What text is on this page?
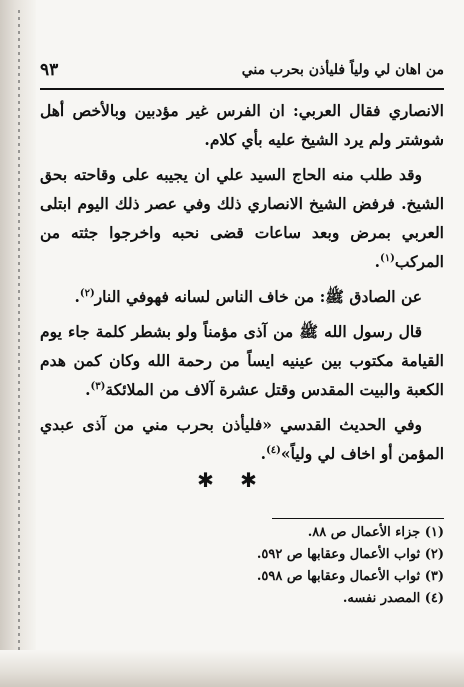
من اهان لي ولياً فليأذن بحرب مني
٩٣

الانصاري فقال العربي: ان الفرس غير مؤدبين وبالأخص أهل شوشتر ولم يرد الشيخ عليه بأي كلام.

وقد طلب منه الحاج السيد علي ان يجيبه على وقاحته بحق الشيخ. فرفض الشيخ الانصاري ذلك وفي عصر ذلك اليوم ابتلى العربي بمرض وبعد ساعات قضى نحبه واخرجوا جثته من المركب$^{(١)}$.

عن الصادق ﷺ: من خاف الناس لسانه فهوفي النار$^{(٢)}$.

قال رسول الله ﷺ من آذى مؤمناً ولو بشطر كلمة جاء يوم القيامة مكتوب بين عينيه ايساً من رحمة الله وكان كمن هدم الكعبة والبيت المقدس وقتل عشرة آلاف من الملائكة$^{(٣)}$.

وفي الحديث القدسي «فليأذن بحرب مني من آذى عبدي المؤمن أو اخاف لي ولياً»$^{(٤)}$.

✱ ✱
(١) جزاء الأعمال ص ٨٨.
(٢) ثواب الأعمال وعقابها ص ٥٩٢.
(٣) ثواب الأعمال وعقابها ص ٥٩٨.
(٤) المصدر نفسه.
